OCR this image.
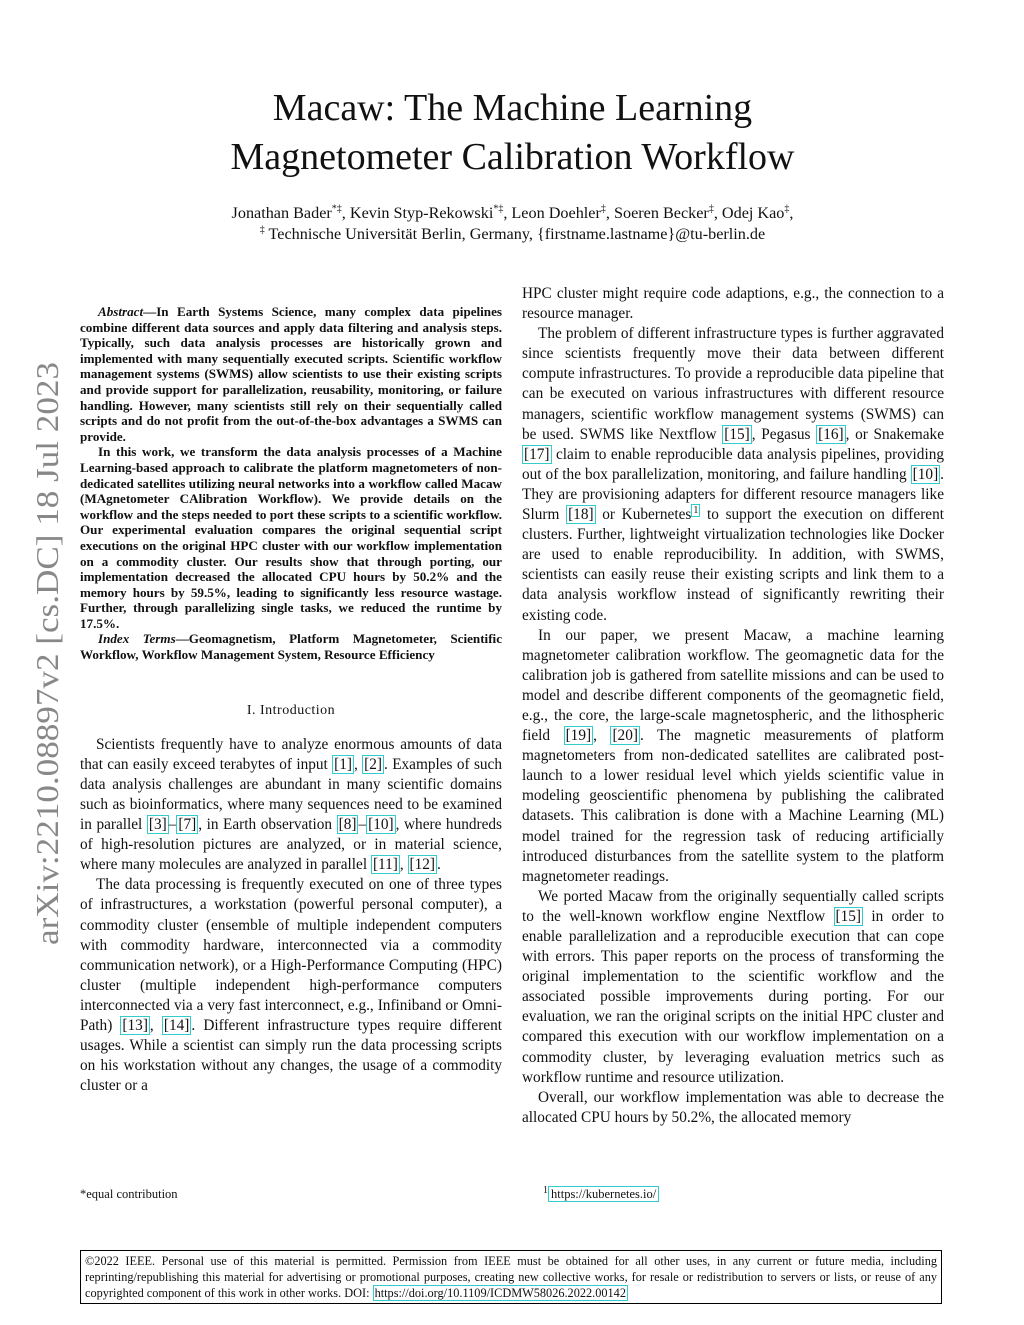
arXiv:2210.08897v2 [cs.DC] 18 Jul 2023
Macaw: The Machine Learning
Magnetometer Calibration Workflow
Jonathan Bader*‡, Kevin Styp-Rekowski*‡, Leon Doehler‡, Soeren Becker‡, Odej Kao‡,
‡ Technische Universität Berlin, Germany, {firstname.lastname}@tu-berlin.de

Abstract—In Earth Systems Science, many complex data pipelines combine different data sources and apply data filtering and analysis steps. Typically, such data analysis processes are historically grown and implemented with many sequentially executed scripts. Scientific workflow management systems (SWMS) allow scientists to use their existing scripts and provide support for parallelization, reusability, monitoring, or failure handling. However, many scientists still rely on their sequentially called scripts and do not profit from the out-of-the-box advantages a SWMS can provide.

In this work, we transform the data analysis processes of a Machine Learning-based approach to calibrate the platform magnetometers of non-dedicated satellites utilizing neural networks into a workflow called Macaw (MAgnetometer CAlibration Workflow). We provide details on the workflow and the steps needed to port these scripts to a scientific workflow. Our experimental evaluation compares the original sequential script executions on the original HPC cluster with our workflow implementation on a commodity cluster. Our results show that through porting, our implementation decreased the allocated CPU hours by 50.2% and the memory hours by 59.5%, leading to significantly less resource wastage. Further, through parallelizing single tasks, we reduced the runtime by 17.5%.

Index Terms—Geomagnetism, Platform Magnetometer, Scientific Workflow, Workflow Management System, Resource Efficiency

I. Introduction

Scientists frequently have to analyze enormous amounts of data that can easily exceed terabytes of input [1] , [2] . Examples of such data analysis challenges are abundant in many scientific domains such as bioinformatics, where many sequences need to be examined in parallel [3] – [7] , in Earth observation [8] – [10] , where hundreds of high-resolution pictures are analyzed, or in material science, where many molecules are analyzed in parallel [11] , [12] .

The data processing is frequently executed on one of three types of infrastructures, a workstation (powerful personal computer), a commodity cluster (ensemble of multiple independent computers with commodity hardware, interconnected via a commodity communication network), or a High-Performance Computing (HPC) cluster (multiple independent high-performance computers interconnected via a very fast interconnect, e.g., Infiniband or Omni-Path) [13] , [14] . Different infrastructure types require different usages. While a scientist can simply run the data processing scripts on his workstation without any changes, the usage of a commodity cluster or a

HPC cluster might require code adaptions, e.g., the connection to a resource manager.

The problem of different infrastructure types is further aggravated since scientists frequently move their data between different compute infrastructures. To provide a reproducible data pipeline that can be executed on various infrastructures with different resource managers, scientific workflow management systems (SWMS) can be used. SWMS like Nextflow [15] , Pegasus [16] , or Snakemake [17] claim to enable reproducible data analysis pipelines, providing out of the box parallelization, monitoring, and failure handling [10] . They are provisioning adapters for different resource managers like Slurm [18] or Kubernetes $^1$ to support the execution on different clusters. Further, lightweight virtualization technologies like Docker are used to enable reproducibility. In addition, with SWMS, scientists can easily reuse their existing scripts and link them to a data analysis workflow instead of significantly rewriting their existing code.

In our paper, we present Macaw, a machine learning magnetometer calibration workflow. The geomagnetic data for the calibration job is gathered from satellite missions and can be used to model and describe different components of the geomagnetic field, e.g., the core, the large-scale magnetospheric, and the lithospheric field [19] , [20] . The magnetic measurements of platform magnetometers from non-dedicated satellites are calibrated post-launch to a lower residual level which yields scientific value in modeling geoscientific phenomena by publishing the calibrated datasets. This calibration is done with a Machine Learning (ML) model trained for the regression task of reducing artificially introduced disturbances from the satellite system to the platform magnetometer readings.

We ported Macaw from the originally sequentially called scripts to the well-known workflow engine Nextflow [15] in order to enable parallelization and a reproducible execution that can cope with errors. This paper reports on the process of transforming the original implementation to the scientific workflow and the associated possible improvements during porting. For our evaluation, we ran the original scripts on the initial HPC cluster and compared this execution with our workflow implementation on a commodity cluster, by leveraging evaluation metrics such as workflow runtime and resource utilization.

Overall, our workflow implementation was able to decrease the allocated CPU hours by 50.2%, the allocated memory

*equal contribution	$^1$ https://kubernetes.io/
©2022 IEEE. Personal use of this material is permitted. Permission from IEEE must be obtained for all other uses, in any current or future media, including reprinting/republishing this material for advertising or promotional purposes, creating new collective works, for resale or redistribution to servers or lists, or reuse of any copyrighted component of this work in other works. DOI: https://doi.org/10.1109/ICDMW58026.2022.00142
